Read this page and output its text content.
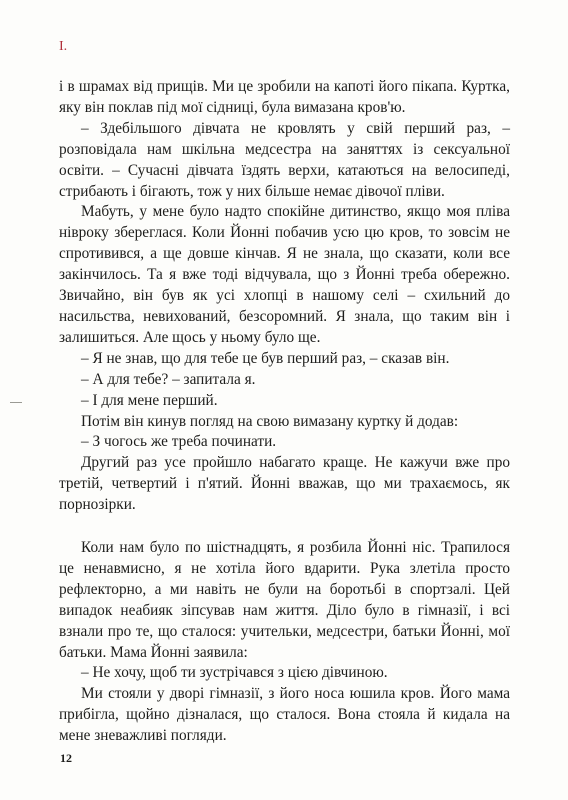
I.

і в шрамах від прищів. Ми це зробили на капоті його пікапа. Куртка, яку він поклав під мої сідниці, була вимазана кров'ю.

– Здебільшого дівчата не кровлять у свій перший раз, – розповідала нам шкільна медсестра на заняттях із сексуальної освіти. – Сучасні дівчата їздять верхи, катаються на велосипеді, стрибають і бігають, тож у них більше немає дівочої пліви.

Мабуть, у мене було надто спокійне дитинство, якщо моя пліва нівроку збереглася. Коли Йонні побачив усю цю кров, то зовсім не спротивився, а ще довше кінчав. Я не знала, що сказати, коли все закінчилось. Та я вже тоді відчувала, що з Йонні треба обережно. Звичайно, він був як усі хлопці в нашому селі – схильний до насильства, невихований, безсоромний. Я знала, що таким він і залишиться. Але щось у ньому було ще.

– Я не знав, що для тебе це був перший раз, – сказав він.

– А для тебе? – запитала я.

– І для мене перший.

Потім він кинув погляд на свою вимазану куртку й додав:

– З чогось же треба починати.

Другий раз усе пройшло набагато краще. Не кажучи вже про третій, четвертий і п'ятий. Йонні вважав, що ми трахаємось, як порнозірки.

Коли нам було по шістнадцять, я розбила Йонні ніс. Трапилося це ненавмисно, я не хотіла його вдарити. Рука злетіла просто рефлекторно, а ми навіть не були на боротьбі в спортзалі. Цей випадок неабияк зіпсував нам життя. Діло було в гімназії, і всі взнали про те, що сталося: учительки, медсестри, батьки Йонні, мої батьки. Мама Йонні заявила:

– Не хочу, щоб ти зустрічався з цією дівчиною.

Ми стояли у дворі гімназії, з його носа юшила кров. Його мама прибігла, щойно дізналася, що сталося. Вона стояла й кидала на мене зневажливі погляди.

12
